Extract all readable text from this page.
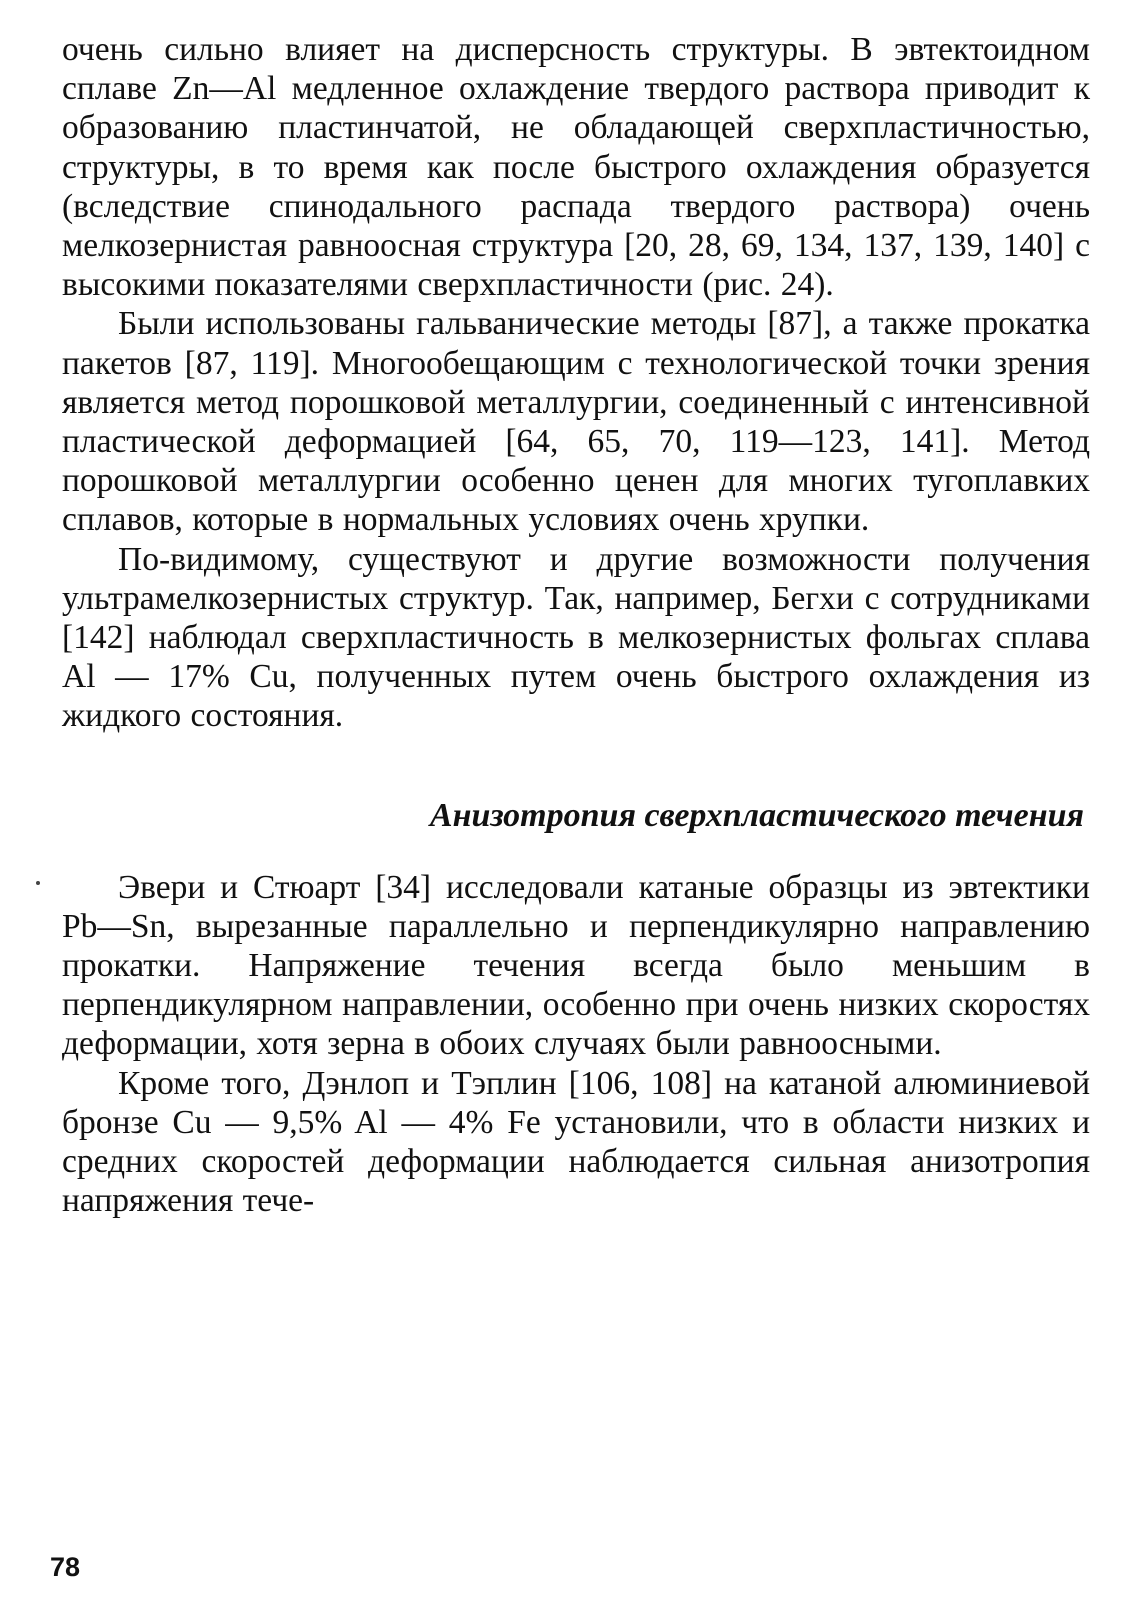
очень сильно влияет на дисперсность структуры. В эвтектоидном сплаве Zn—Al медленное охлаждение твердого раствора приводит к образованию пластинчатой, не обладающей сверхпластичностью, структуры, в то время как после быстрого охлаждения образуется (вследствие спинодального распада твердого раствора) очень мелкозернистая равноосная структура [20, 28, 69, 134, 137, 139, 140] с высокими показателями сверхпластичности (рис. 24).

Были использованы гальванические методы [87], а также прокатка пакетов [87, 119]. Многообещающим с технологической точки зрения является метод порошковой металлургии, соединенный с интенсивной пластической деформацией [64, 65, 70, 119—123, 141]. Метод порошковой металлургии особенно ценен для многих тугоплавких сплавов, которые в нормальных условиях очень хрупки.

По-видимому, существуют и другие возможности получения ультрамелкозернистых структур. Так, например, Бегхи с сотрудниками [142] наблюдал сверхпластичность в мелкозернистых фольгах сплава Al — 17% Cu, полученных путем очень быстрого охлаждения из жидкого состояния.

Анизотропия сверхпластического течения

Эвери и Стюарт [34] исследовали катаные образцы из эвтектики Pb—Sn, вырезанные параллельно и перпендикулярно направлению прокатки. Напряжение течения всегда было меньшим в перпендикулярном направлении, особенно при очень низких скоростях деформации, хотя зерна в обоих случаях были равноосными.

Кроме того, Дэнлоп и Тэплин [106, 108] на катаной алюминиевой бронзе Cu — 9,5% Al — 4% Fe установили, что в области низких и средних скоростей деформации наблюдается сильная анизотропия напряжения тече-

78
